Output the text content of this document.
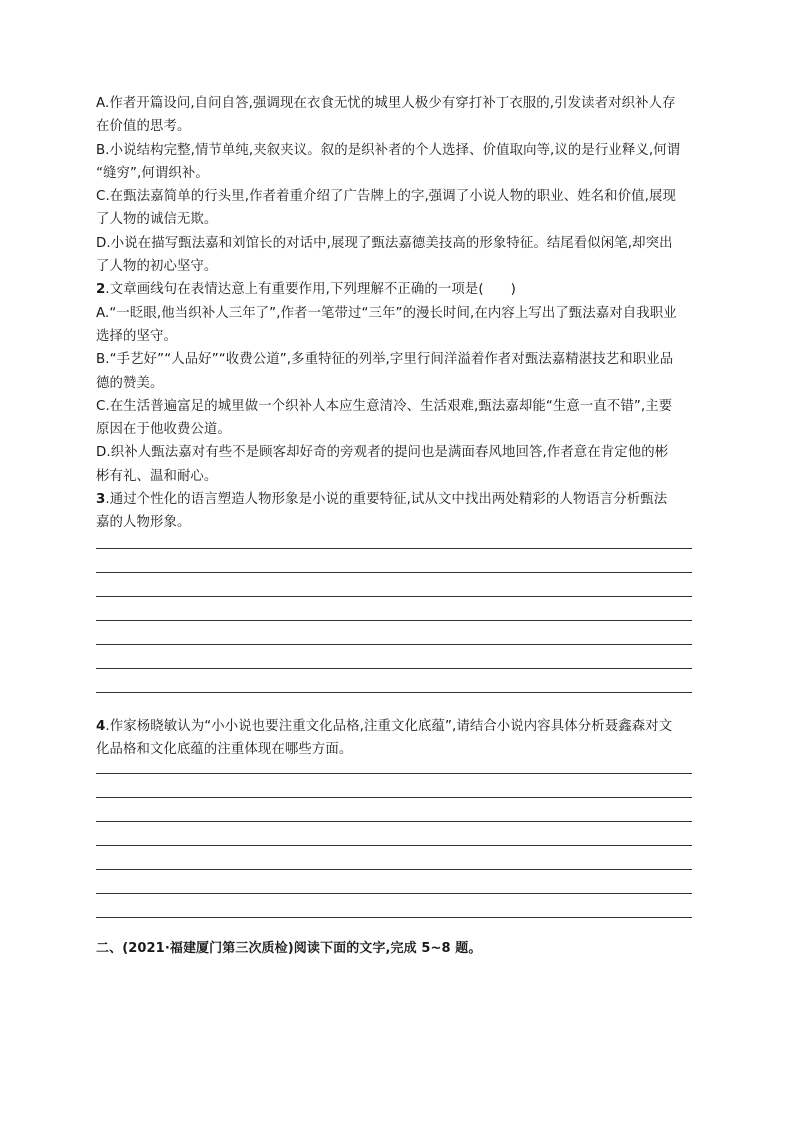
A.作者开篇设问,自问自答,强调现在衣食无忧的城里人极少有穿打补丁衣服的,引发读者对织补人存
在价值的思考。
B.小说结构完整,情节单纯,夹叙夹议。叙的是织补者的个人选择、价值取向等,议的是行业释义,何谓
“缝穷”,何谓织补。
C.在甄法嘉简单的行头里,作者着重介绍了广告牌上的字,强调了小说人物的职业、姓名和价值,展现
了人物的诚信无欺。
D.小说在描写甄法嘉和刘馆长的对话中,展现了甄法嘉德美技高的形象特征。结尾看似闲笔,却突出
了人物的初心坚守。
2.文章画线句在表情达意上有重要作用,下列理解不正确的一项是(　　)
A.“一眨眼,他当织补人三年了”,作者一笔带过“三年”的漫长时间,在内容上写出了甄法嘉对自我职业
选择的坚守。
B.“手艺好”“人品好”“收费公道”,多重特征的列举,字里行间洋溢着作者对甄法嘉精湛技艺和职业品
德的赞美。
C.在生活普遍富足的城里做一个织补人本应生意清冷、生活艰难,甄法嘉却能“生意一直不错”,主要
原因在于他收费公道。
D.织补人甄法嘉对有些不是顾客却好奇的旁观者的提问也是满面春风地回答,作者意在肯定他的彬
彬有礼、温和耐心。
3.通过个性化的语言塑造人物形象是小说的重要特征,试从文中找出两处精彩的人物语言分析甄法
嘉的人物形象。
4.作家杨晓敏认为“小小说也要注重文化品格,注重文化底蕴”,请结合小说内容具体分析聂鑫森对文
化品格和文化底蕴的注重体现在哪些方面。
二、(2021·福建厦门第三次质检)阅读下面的文字,完成 5~8 题。
